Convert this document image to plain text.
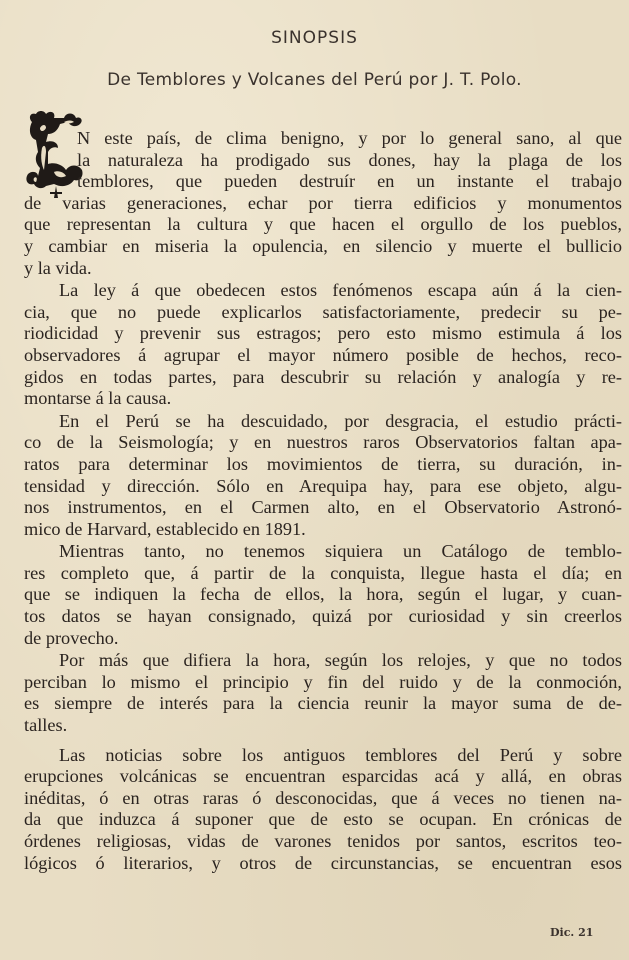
SINOPSIS
De Temblores y Volcanes del Perú por J. T. Polo.
N este país, de clima benigno, y por lo general sano, al que
la naturaleza ha prodigado sus dones, hay la plaga de los
temblores, que pueden destruír en un instante el trabajo
de varias generaciones, echar por tierra edificios y monumentos
que representan la cultura y que hacen el orgullo de los pueblos,
y cambiar en miseria la opulencia, en silencio y muerte el bullicio
y la vida.
La ley á que obedecen estos fenómenos escapa aún á la cien-
cia, que no puede explicarlos satisfactoriamente, predecir su pe-
riodicidad y prevenir sus estragos; pero esto mismo estimula á los
observadores á agrupar el mayor número posible de hechos, reco-
gidos en todas partes, para descubrir su relación y analogía y re-
montarse á la causa.
En el Perú se ha descuidado, por desgracia, el estudio prácti-
co de la Seismología; y en nuestros raros Observatorios faltan apa-
ratos para determinar los movimientos de tierra, su duración, in-
tensidad y dirección. Sólo en Arequipa hay, para ese objeto, algu-
nos instrumentos, en el Carmen alto, en el Observatorio Astronó-
mico de Harvard, establecido en 1891.
Mientras tanto, no tenemos siquiera un Catálogo de temblo-
res completo que, á partir de la conquista, llegue hasta el día; en
que se indiquen la fecha de ellos, la hora, según el lugar, y cuan-
tos datos se hayan consignado, quizá por curiosidad y sin creerlos
de provecho.
Por más que difiera la hora, según los relojes, y que no todos
perciban lo mismo el principio y fin del ruido y de la conmoción,
es siempre de interés para la ciencia reunir la mayor suma de de-
talles.
Las noticias sobre los antiguos temblores del Perú y sobre
erupciones volcánicas se encuentran esparcidas acá y allá, en obras
inéditas, ó en otras raras ó desconocidas, que á veces no tienen na-
da que induzca á suponer que de esto se ocupan. En crónicas de
órdenes religiosas, vidas de varones tenidos por santos, escritos teo-
lógicos ó literarios, y otros de circunstancias, se encuentran esos
Dic. 21
